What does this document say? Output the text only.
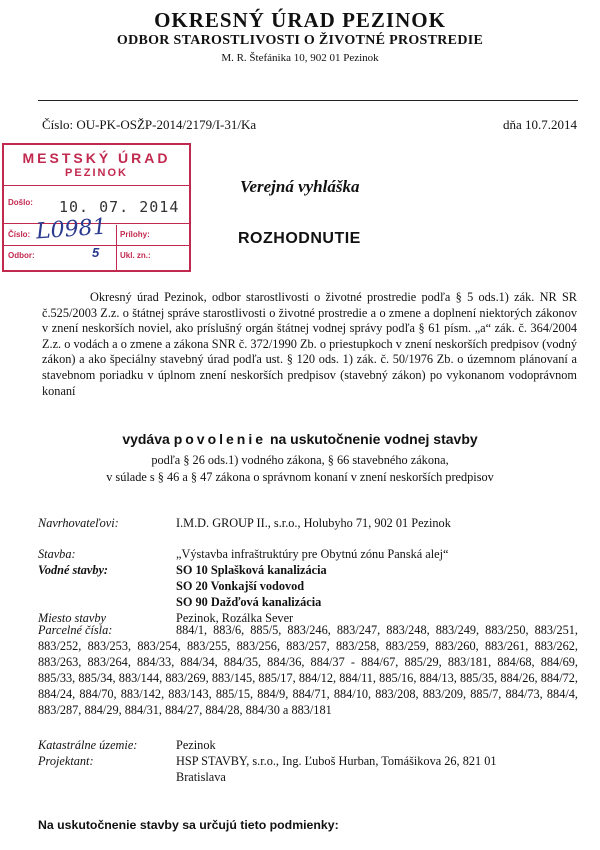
OKRESNÝ ÚRAD PEZINOK
ODBOR STAROSTLIVOSTI O ŽIVOTNÉ PROSTREDIE
M. R. Štefánika 10, 902 01 Pezinok
Číslo: OU-PK-OSŽP-2014/2179/I-31/Ka	dňa 10.7.2014
MESTSKÝ ÚRAD
PEZINOK
Došlo: 10. 07. 2014
Číslo: L0981 Prílohy:
Odbor:	5	Ukl. zn.:
Verejná vyhláška
ROZHODNUTIE
Okresný úrad Pezinok, odbor starostlivosti o životné prostredie podľa § 5 ods.1) zák. NR SR č.525/2003 Z.z. o štátnej správe starostlivosti o životné prostredie a o zmene a doplnení niektorých zákonov v znení neskorších noviel, ako príslušný orgán štátnej vodnej správy podľa § 61 písm. „a“ zák. č. 364/2004 Z.z. o vodách a o zmene a zákona SNR č. 372/1990 Zb. o priestupkoch v znení neskorších predpisov (vodný zákon) a ako špeciálny stavebný úrad podľa ust. § 120 ods. 1) zák. č. 50/1976 Zb. o územnom plánovaní a stavebnom poriadku v úplnom znení neskorších predpisov (stavebný zákon) po vykonanom vodoprávnom konaní
vydáva povolenie na uskutočnenie vodnej stavby
podľa § 26 ods.1) vodného zákona, § 66 stavebného zákona,
v súlade s § 46 a § 47 zákona o správnom konaní v znení neskorších predpisov
Navrhovateľovi:	I.M.D. GROUP II., s.r.o., Holubyho 71, 902 01 Pezinok
Stavba:	„Výstavba infraštruktúry pre Obytnú zónu Panská alej“
Vodné stavby:	SO 10 Splašková kanalizácia
SO 20 Vonkajší vodovod
SO 90 Dažďová kanalizácia
Miesto stavby	Pezinok, Rozálka Sever
Parcelné čísla:	884/1, 883/6, 885/5, 883/246, 883/247, 883/248, 883/249, 883/250, 883/251, 883/252, 883/253, 883/254, 883/255, 883/256, 883/257, 883/258, 883/259, 883/260, 883/261, 883/262, 883/263, 883/264, 884/33, 884/34, 884/35, 884/36, 884/37 - 884/67, 885/29, 883/181, 884/68, 884/69, 885/33, 885/34, 883/144, 883/269, 883/145, 885/17, 884/12, 884/11, 885/16, 884/13, 885/35, 884/26, 884/72, 884/24, 884/70, 883/142, 883/143, 885/15, 884/9, 884/71, 884/10, 883/208, 883/209, 885/7, 884/73, 884/4, 883/287, 884/29, 884/31, 884/27, 884/28, 884/30 a 883/181
Katastrálne územie:	Pezinok
Projektant:	HSP STAVBY, s.r.o., Ing. Ľuboš Hurban, Tomášikova 26, 821 01
Bratislava
Na uskutočnenie stavby sa určujú tieto podmienky:
